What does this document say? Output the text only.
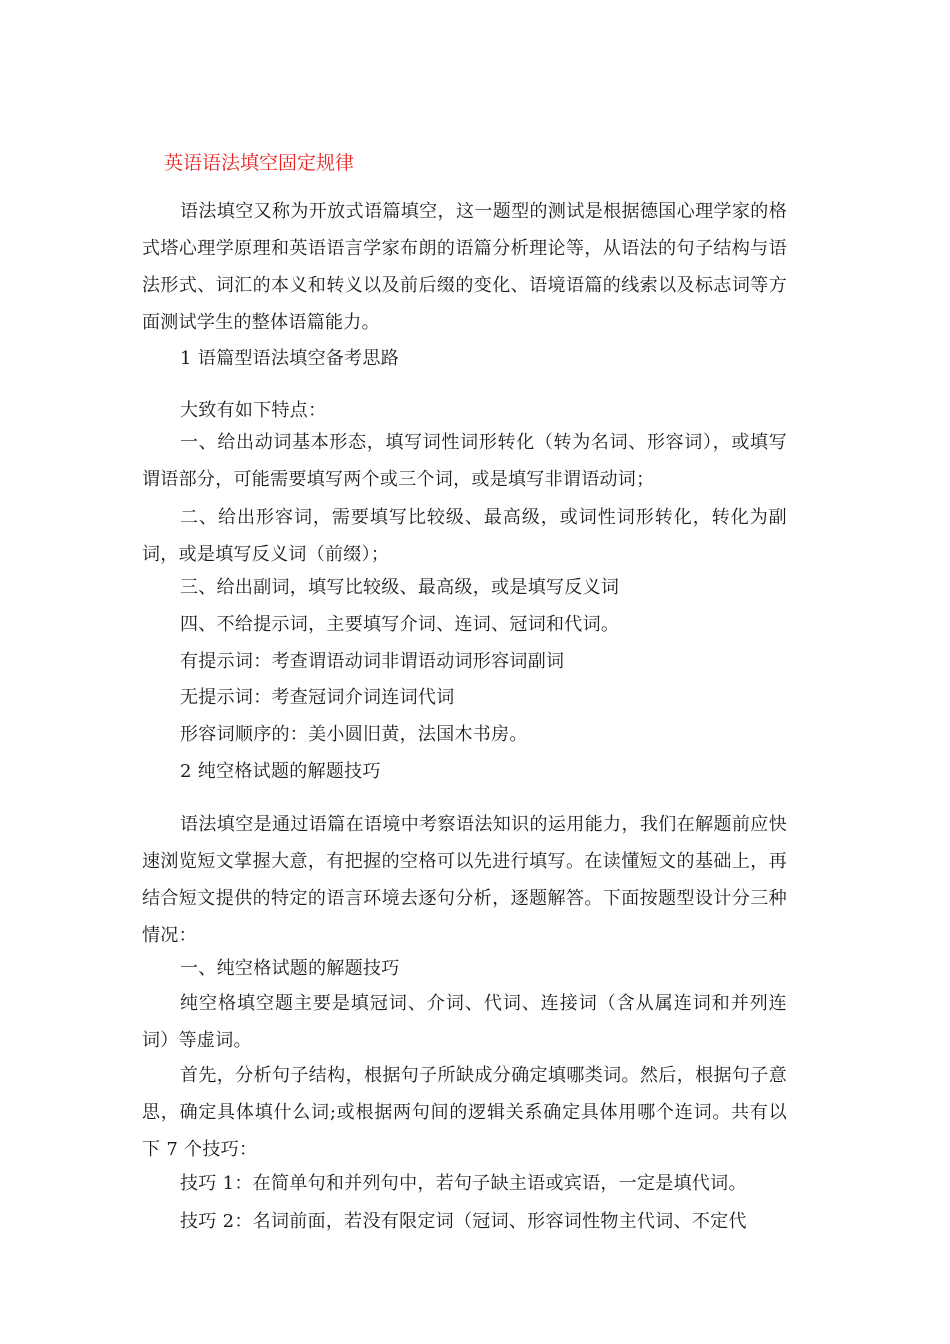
英语语法填空固定规律
语法填空又称为开放式语篇填空，这一题型的测试是根据德国心理学家的格式塔心理学原理和英语语言学家布朗的语篇分析理论等，从语法的句子结构与语法形式、词汇的本义和转义以及前后缀的变化、语境语篇的线索以及标志词等方面测试学生的整体语篇能力。
1 语篇型语法填空备考思路
大致有如下特点：
一、给出动词基本形态，填写词性词形转化（转为名词、形容词），或填写谓语部分，可能需要填写两个或三个词，或是填写非谓语动词；
二、给出形容词，需要填写比较级、最高级，或词性词形转化，转化为副词，或是填写反义词（前缀）；
三、给出副词，填写比较级、最高级，或是填写反义词
四、不给提示词，主要填写介词、连词、冠词和代词。
有提示词：考查谓语动词非谓语动词形容词副词
无提示词：考查冠词介词连词代词
形容词顺序的：美小圆旧黄，法国木书房。
2 纯空格试题的解题技巧
语法填空是通过语篇在语境中考察语法知识的运用能力，我们在解题前应快速浏览短文掌握大意，有把握的空格可以先进行填写。在读懂短文的基础上，再结合短文提供的特定的语言环境去逐句分析，逐题解答。下面按题型设计分三种情况：
一、纯空格试题的解题技巧
纯空格填空题主要是填冠词、介词、代词、连接词（含从属连词和并列连词）等虚词。
首先，分析句子结构，根据句子所缺成分确定填哪类词。然后，根据句子意思，确定具体填什么词;或根据两句间的逻辑关系确定具体用哪个连词。共有以下 7 个技巧：
技巧 1：在简单句和并列句中，若句子缺主语或宾语，一定是填代词。
技巧 2：名词前面，若没有限定词（冠词、形容词性物主代词、不定代
